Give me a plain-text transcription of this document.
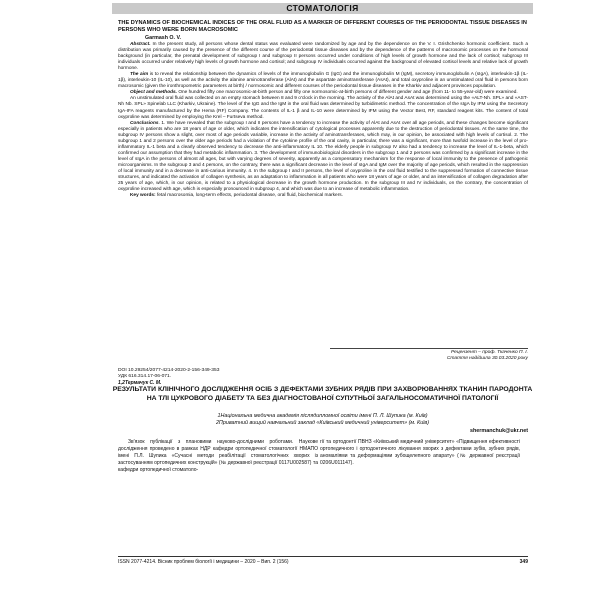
СТОМАТОЛОГІЯ
THE DYNAMICS OF BIOCHEMICAL INDICES OF THE ORAL FLUID AS A MARKER OF DIFFERENT COURSES OF THE PERIODONTAL TISSUE DISEASES IN PERSONS WHO WERE BORN MACROSOMIC
Garmash O. V.

Abstract. In the present study, all persons whose dental status was evaluated were randomized by age and by the dependence on the V. I. Grishchenko hormonic coefficient. Such a distribution was primarily caused by the presence of the different course of the periodontal tissue diseases and by the dependence of the patterns of macrosomic processes on the hormonal background (in particular, the prenatal development of subgroup I and subgroup II persons occurred under conditions of high levels of growth hormone and the lack of cortisol; subgroup III individuals occurred under relatively high levels of growth hormone and cortisol; and subgroup IV individuals occurred against the background of elevated cortisol levels and relative lack of growth hormone.

The aim is to reveal the relationship between the dynamics of levels of the immunoglobulin G (IgG) and the immunoglobulin M (IgM), secretory immunoglobulin A (sIgA), interleukin-1β (IL-1β), interleukin-10 (IL-10), as well as the activity the alanine aminotransferase (AlAt) and the aspartate aminotransferase (AsAt), and total oxyproline in an unstimulated oral fluid in persons born macrosomic (given the ironthropometric parameters at birth) / normosomic and different courses of the periodontal tissue diseases in the Kharkiv and adjacent provinces population.

Object and methods. One hundred fifty one macrosomic-at-birth person and fifty one normosomic-at-birth persons of different gender and age (from 11- to 55-year-old) were examined.

An unstimulated oral fluid was collected on an empty stomach between 8 and 9 o'clock in the morning. The activity of the AlAt and AsAt was determined using the «ALT-Nh. SPL» and «AST-Nh Nb. SPL» Spinelab LLC (Kharkiv, Ukraine). The level of the IgG and the IgM in the oral fluid was determined by turbidimetric method. The concentration of the sIgA by IFM using the Secretory IgA-IFA reagents manufactured by the Hema (RF) Company. The contents of IL-1 β and IL-10 were determined by IFM using the Vector Best, RF, standard reagent kits. The content of total oxyproline was determined by employing the Krel – Furtseva method.

Conclusions. 1. We have revealed that the subgroup I and II persons have a tendency to increase the activity of AlAt and AsAt over all age periods, and these changes become significant especially in patients who are 18 years of age or older, which indicates the intensification of cytological processes apparently due to the destruction of periodontal tissues. At the same time, the subgroup IV persons show a slight, over most of age periods variable, increase in the activity of aminotransferases, which may, in our opinion, be associated with high levels of cortisol. 2. The subgroup 1 and 2 persons over the older age periods had a violation of the cytokine profile of the oral cavity, in particular, there was a significant, more than twofold increase in the level of pro-inflammatory IL-1 beta and a clearly observed tendency to decrease the anti-inflammatory IL 10. The elderly people in subgroup IV also had a tendency to increase the level of IL-1-beta, which confirmed our assumption that they had metabolic inflammation. 3. The development of immunobiological disorders in the subgroup 1 and 2 persons was confirmed by a significant increase in the level of sIgA in the persons of almost all ages, but with varying degrees of severity, apparently as a compensatory mechanism for the response of local immunity to the presence of pathogenic microorganisms. In the subgroup 3 and 4 persons, on the contrary, there was a significant decrease in the level of sIgA and IgM over the majority of age periods, which resulted in the suppression of local immunity and in a decrease in anti-carious immunity. 4. In the subgroup I and II persons, the level of oxyproline in the oral fluid testified to the suppressed formation of connective tissue structures, and indicated the activation of collagen synthesis, as an adaptation to inflammation in all patients who were 18 years of age or older, and an intensification of collagen degradation after 25 years of age, which, in our opinion, is related to a physiological decrease in the growth hormone production. In the subgroup III and IV individuals, on the contrary, the concentration of oxyproline increased with age, which is especially pronounced in subgroup 4, and which was due to an increase of metabolic inflammation.

Key words: fetal macrosomia, long-term effects, periodontal disease, oral fluid, biochemical markers.

Рецензент – проф. Ткаченко П. І.
Стаття надійшла 30.03.2020 року
DOI 10.29254/2077-4214-2020-2-156-349-353
УДК 616.314.17-06-071.
1,2Термачук С. М.
РЕЗУЛЬТАТИ КЛІНІЧНОГО ДОСЛІДЖЕННЯ ОСІБ З ДЕФЕКТАМИ ЗУБНИХ РЯДІВ ПРИ ЗАХВОРЮВАННЯХ ТКАНИН ПАРОДОНТА НА ТЛІ ЦУКРОВОГО ДІАБЕТУ ТА БЕЗ ДІАГНОСТОВАНОЇ СУПУТНЬОЇ ЗАГАЛЬНОСОМАТИЧНОЇ ПАТОЛОГІЇ
1Національна медична академія післядипломної освіти імені П. Л. Шупика (м. Київ)
2Приватний вищий навчальний заклад «Київський медичний університет» (м. Київ)
shermanchuk@ukr.net
Зв'язок публікації з плановими науково-дослідними роботами. Наукове дослідження проведено в рамках НДР кафедри ортопедичної стоматології НМАПО імені П.Л. Шупика «Сучасні методи реабілітації стоматологічних хворих із застосуванням ортопедичних конструкцій» (№ державної реєстрації 0117U002587) та кафедри ортопедичної стоматоло-
гії та ортодонтії ПВНЗ «Київський медичний університет» «Підвищення ефективності ортопедичного і ортодонтичного лікування хворих з дефектами зубів, зубних рядів, аномаліями та деформаціями зубощелепного апарату» (№ державної реєстрації 0206U011147).
ISSN 2077-4214. Вісник проблем біології і медицини – 2020 – Вип. 2 (156)	349
